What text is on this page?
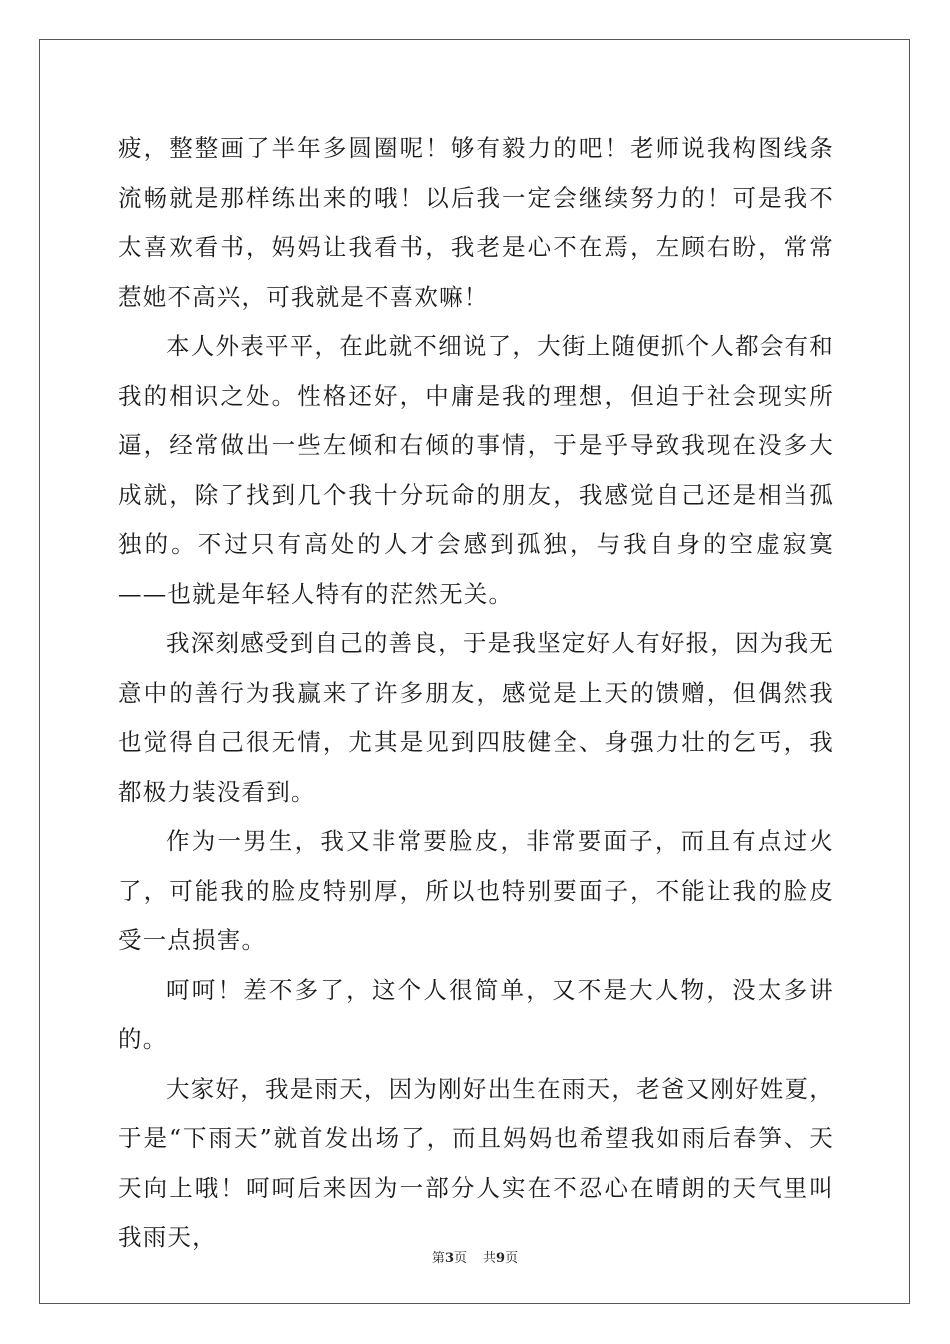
疲，整整画了半年多圆圈呢！够有毅力的吧！老师说我构图线条流畅就是那样练出来的哦！以后我一定会继续努力的！可是我不太喜欢看书，妈妈让我看书，我老是心不在焉，左顾右盼，常常惹她不高兴，可我就是不喜欢嘛！

本人外表平平，在此就不细说了，大街上随便抓个人都会有和我的相识之处。性格还好，中庸是我的理想，但迫于社会现实所逼，经常做出一些左倾和右倾的事情，于是乎导致我现在没多大成就，除了找到几个我十分玩命的朋友，我感觉自己还是相当孤独的。不过只有高处的人才会感到孤独，与我自身的空虚寂寞——也就是年轻人特有的茫然无关。

我深刻感受到自己的善良，于是我坚定好人有好报，因为我无意中的善行为我赢来了许多朋友，感觉是上天的馈赠，但偶然我也觉得自己很无情，尤其是见到四肢健全、身强力壮的乞丐，我都极力装没看到。

作为一男生，我又非常要脸皮，非常要面子，而且有点过火了，可能我的脸皮特别厚，所以也特别要面子，不能让我的脸皮受一点损害。

呵呵！差不多了，这个人很简单，又不是大人物，没太多讲的。

大家好，我是雨天，因为刚好出生在雨天，老爸又刚好姓夏，于是“下雨天”就首发出场了，而且妈妈也希望我如雨后春笋、天天向上哦！呵呵后来因为一部分人实在不忍心在晴朗的天气里叫我雨天，

第3页 共9页
